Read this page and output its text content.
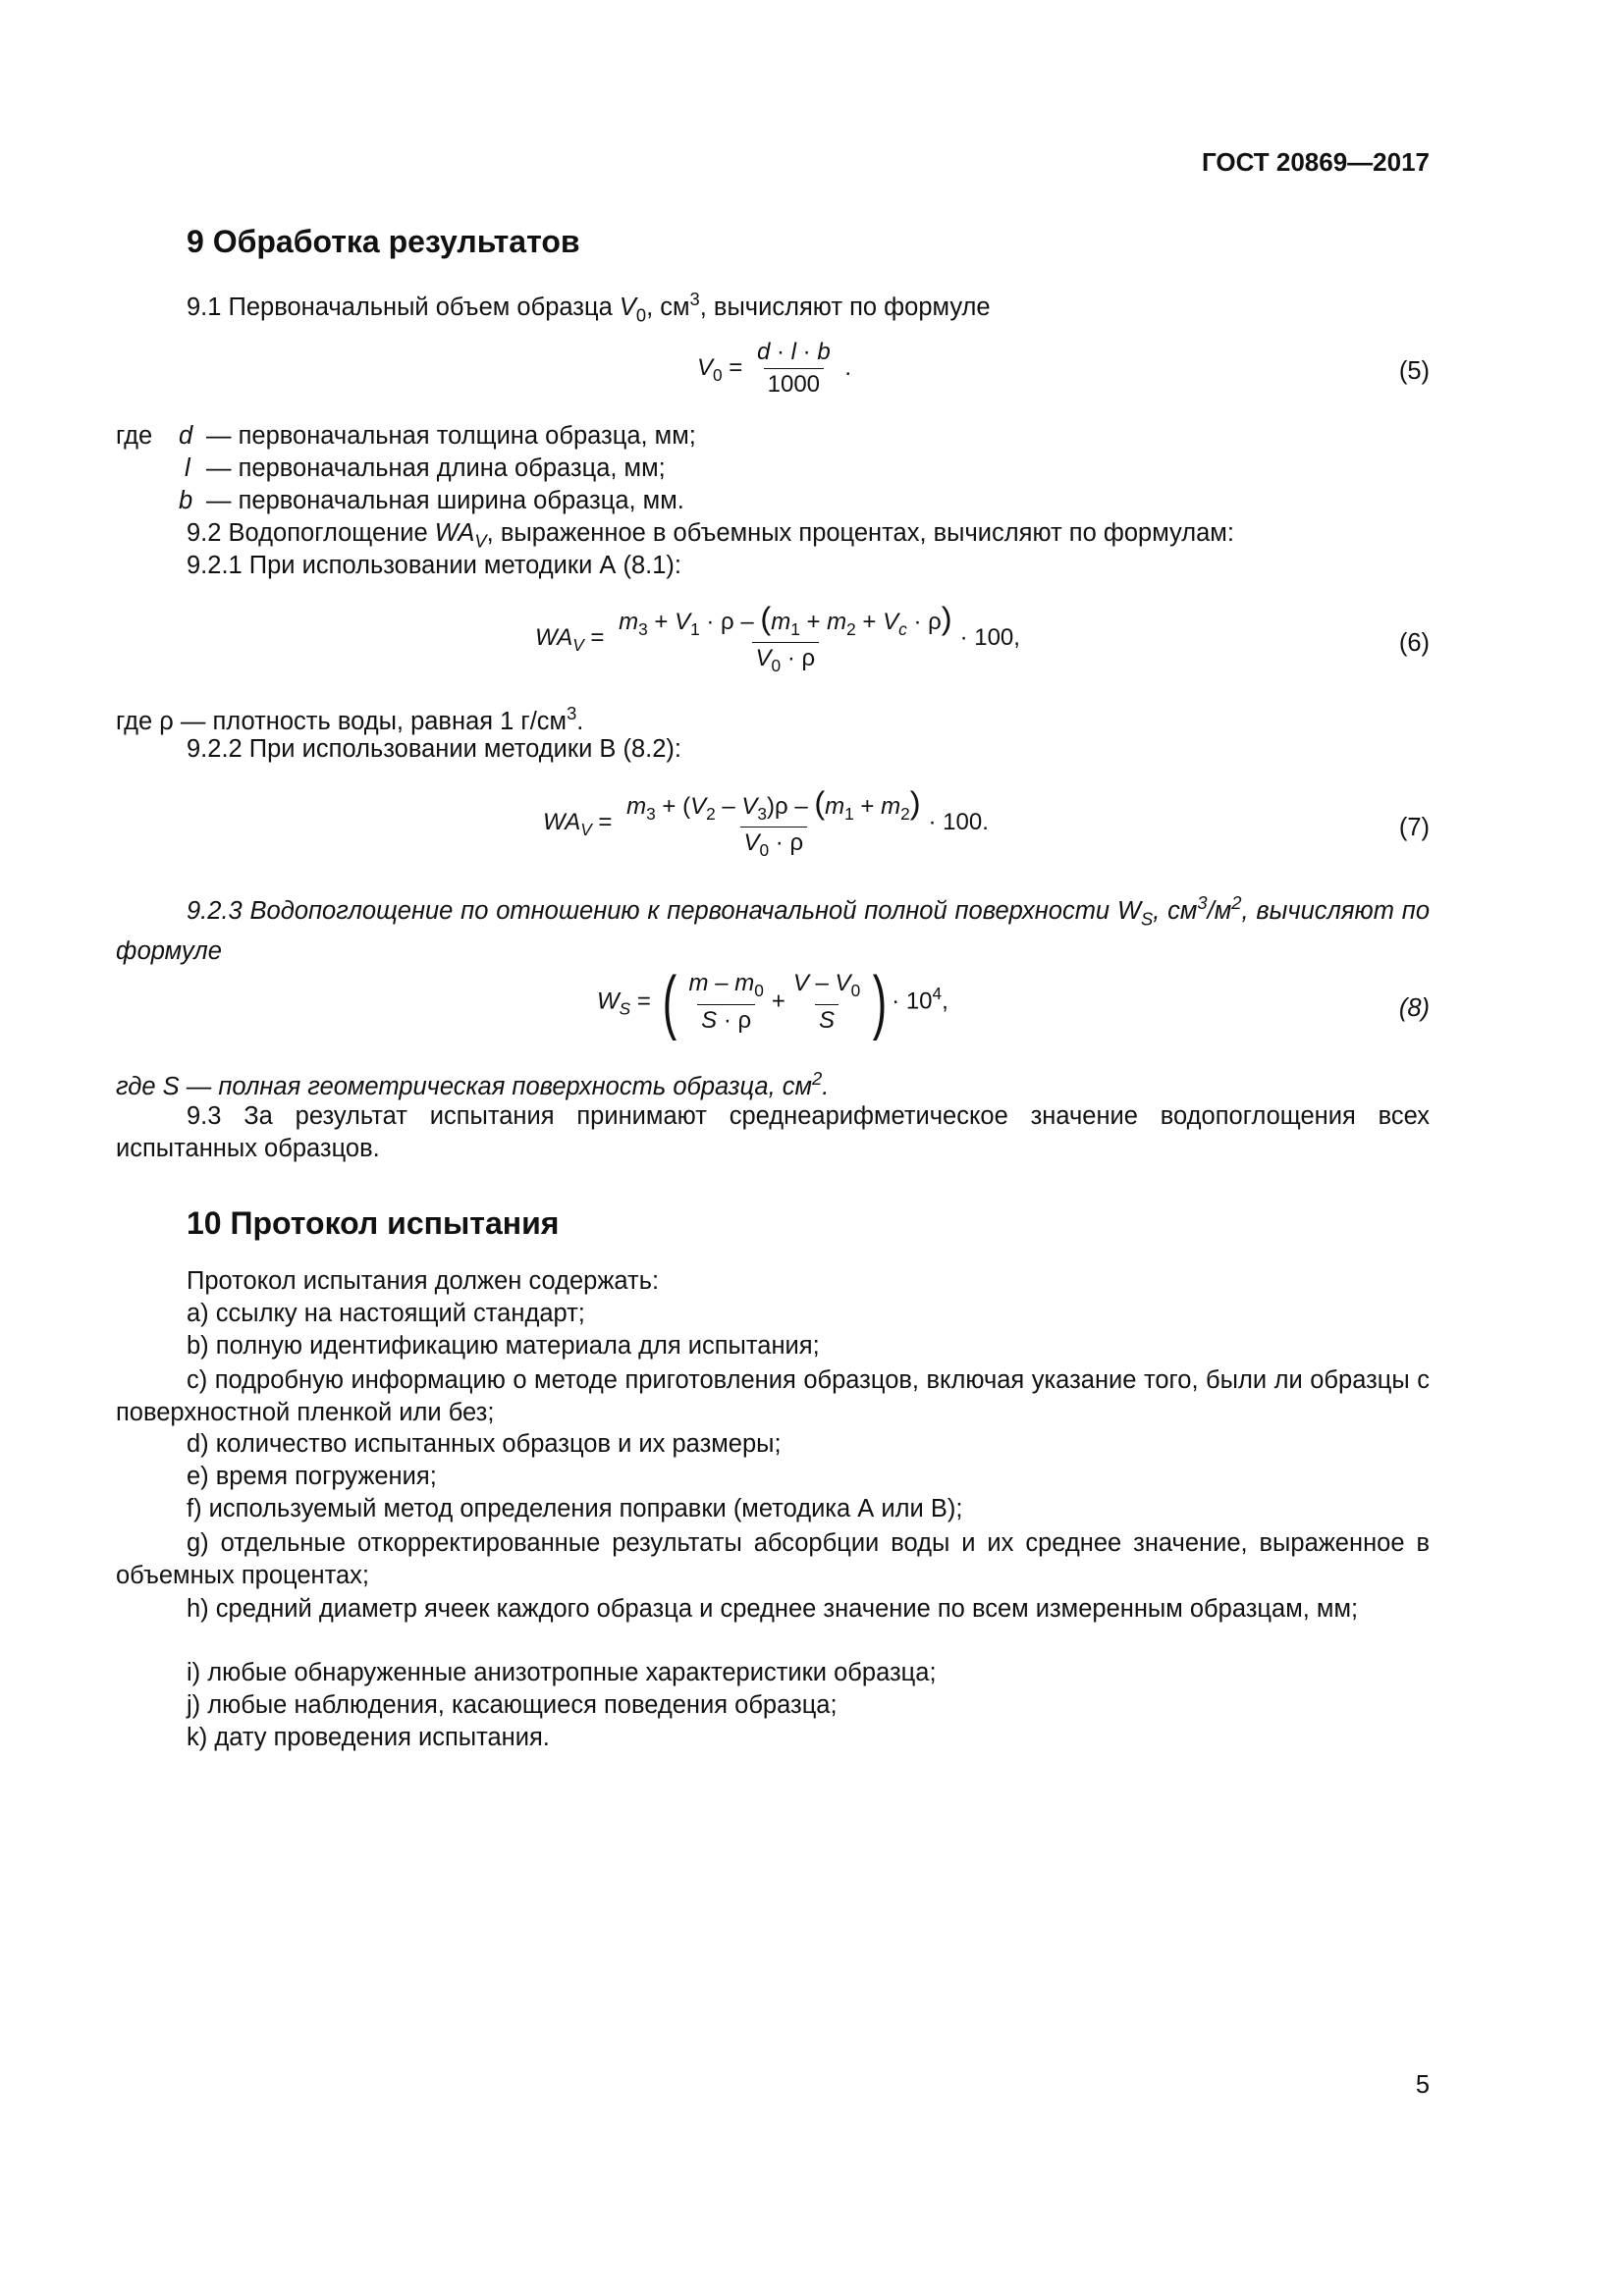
ГОСТ 20869—2017
9 Обработка результатов
9.1 Первоначальный объем образца $V_0$, $см^3$, вычисляют по формуле
$V_0 = \frac{d \cdot l \cdot b}{1000}$ .	(5)
где d — первоначальная толщина образца, мм;
l — первоначальная длина образца, мм;
b — первоначальная ширина образца, мм.
9.2 Водопоглощение $WA_V$, выраженное в объемных процентах, вычисляют по формулам:
9.2.1 При использовании методики А (8.1):
$WA_V = \frac{m_3 + V_1 \cdot \rho - (m_1 + m_2 + V_c \cdot \rho)}{V_0 \cdot \rho} \cdot 100$,	(6)
где ρ — плотность воды, равная 1 $г/см^3$.
9.2.2 При использовании методики В (8.2):
$WA_V = \frac{m_3 + (V_2 - V_3)\rho - (m_1 + m_2)}{V_0 \cdot \rho} \cdot 100$.	(7)
9.2.3 Водопоглощение по отношению к первоначальной полной поверхности $W_S$, $см^3/м^2$, вычисляют по формуле
$W_S$ = ( $\frac{m - m_0}{S \cdot \rho} + \frac{V - V_0}{S}$ ) · $10^4$,	(8)
где S — полная геометрическая поверхность образца, $см^2$.
9.3 За результат испытания принимают среднеарифметическое значение водопоглощения всех испытанных образцов.
10 Протокол испытания
Протокол испытания должен содержать:
a) ссылку на настоящий стандарт;
b) полную идентификацию материала для испытания;
c) подробную информацию о методе приготовления образцов, включая указание того, были ли образцы с поверхностной пленкой или без;
d) количество испытанных образцов и их размеры;
e) время погружения;
f) используемый метод определения поправки (методика А или В);
g) отдельные откорректированные результаты абсорбции воды и их среднее значение, выраженное в объемных процентах;
h) средний диаметр ячеек каждого образца и среднее значение по всем измеренным образцам, мм;
i) любые обнаруженные анизотропные характеристики образца;
j) любые наблюдения, касающиеся поведения образца;
k) дату проведения испытания.
5
